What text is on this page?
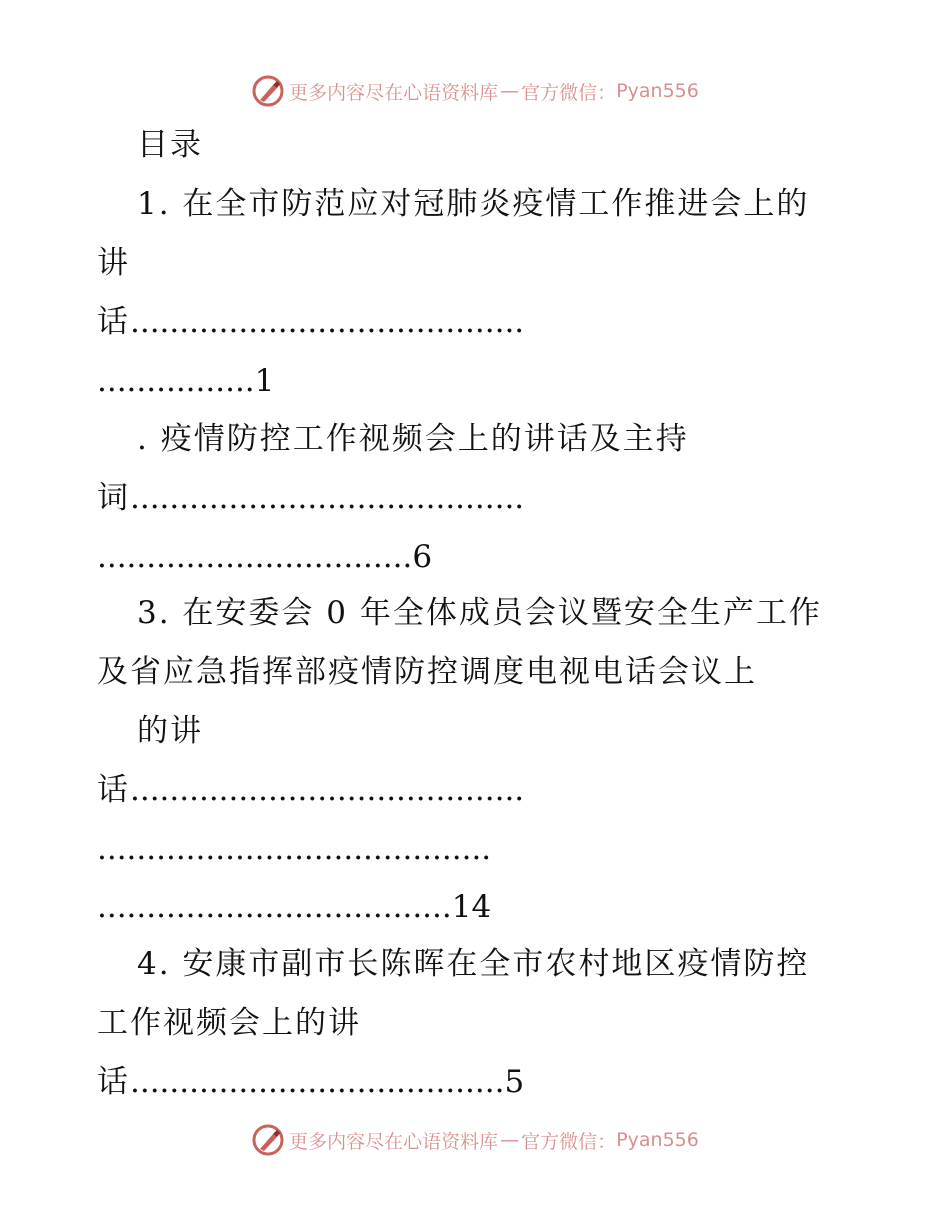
更多内容尽在心语资料库 — 官方微信： Pyan556
目录
1. 在全市防范应对冠肺炎疫情工作推进会上的
讲
话........................................
................1
. 疫情防控工作视频会上的讲话及主持
词........................................
................................6
3. 在安委会 0 年全体成员会议暨安全生产工作
及省应急指挥部疫情防控调度电视电话会议上
的讲
话........................................
........................................
....................................14
4. 安康市副市长陈晖在全市农村地区疫情防控
工作视频会上的讲
话......................................5
更多内容尽在心语资料库 — 官方微信： Pyan556
